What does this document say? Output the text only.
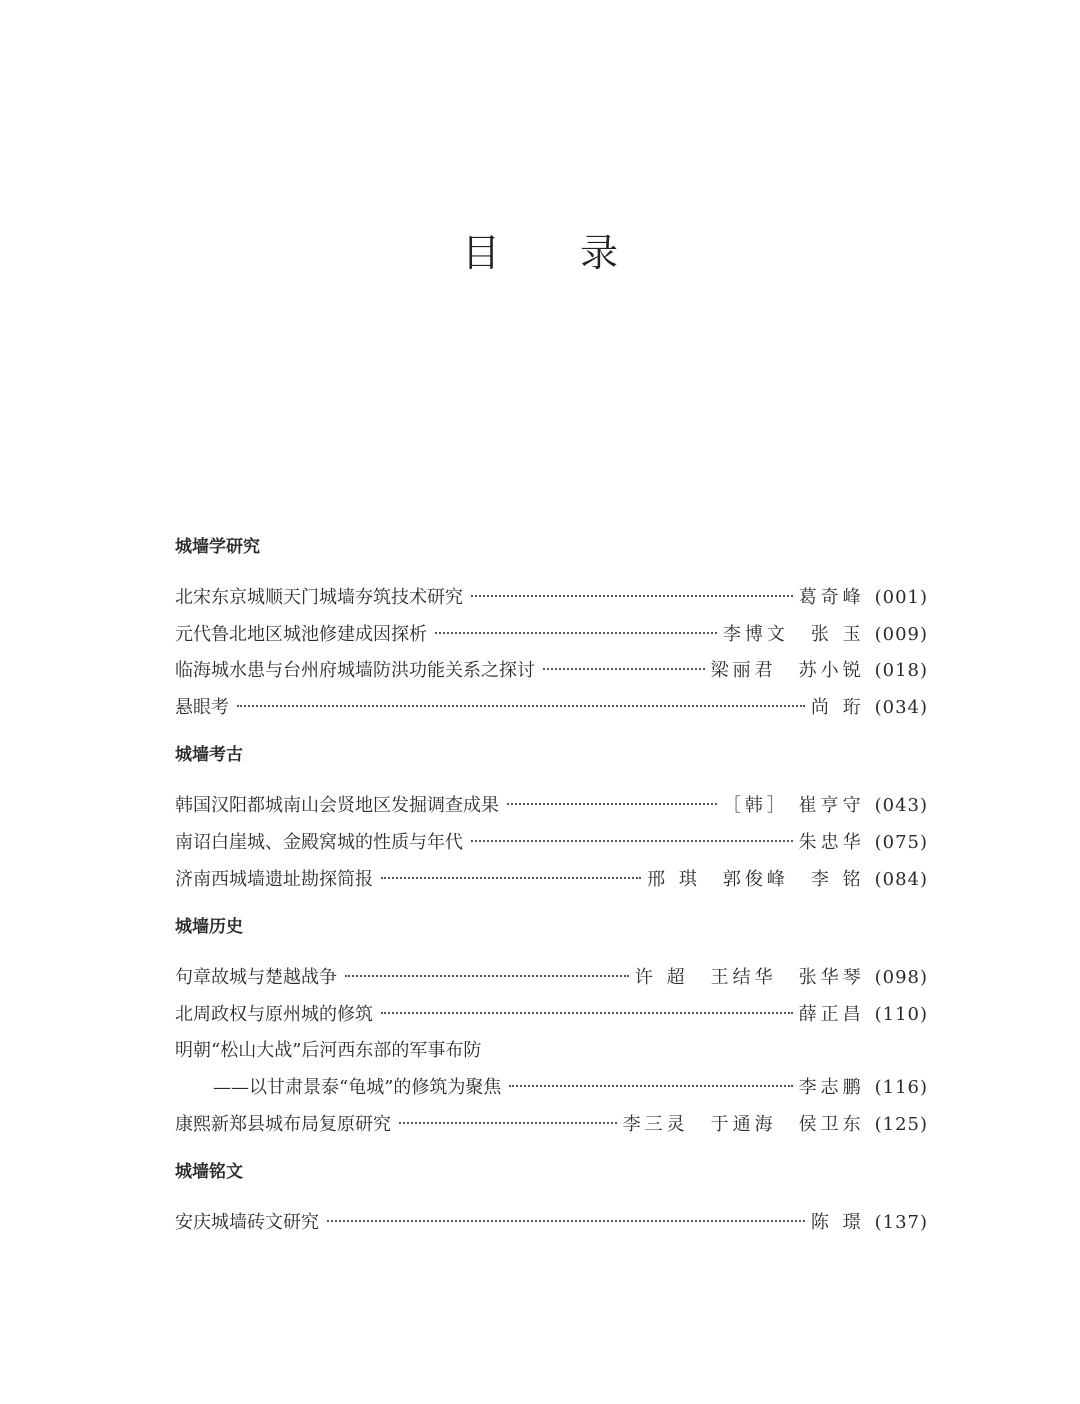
目 录
城墙学研究
北宋东京城顺天门城墙夯筑技术研究	葛奇峰 (001)
元代鲁北地区城池修建成因探析	李博文 张 玉 (009)
临海城水患与台州府城墙防洪功能关系之探讨	梁丽君 苏小锐 (018)
悬眼考	尚 珩 (034)
城墙考古
韩国汉阳都城南山会贤地区发掘调查成果	［韩］ 崔亨守 (043)
南诏白崖城、金殿窝城的性质与年代	朱忠华 (075)
济南西城墙遗址勘探简报	邢 琪 郭俊峰 李 铭 (084)
城墙历史
句章故城与楚越战争	许 超 王结华 张华琴 (098)
北周政权与原州城的修筑	薛正昌 (110)
明朝“松山大战”后河西东部的军事布防
——以甘肃景泰“龟城”的修筑为聚焦	李志鹏 (116)
康熙新郑县城布局复原研究	李三灵 于通海 侯卫东 (125)
城墙铭文
安庆城墙砖文研究	陈 璟 (137)
